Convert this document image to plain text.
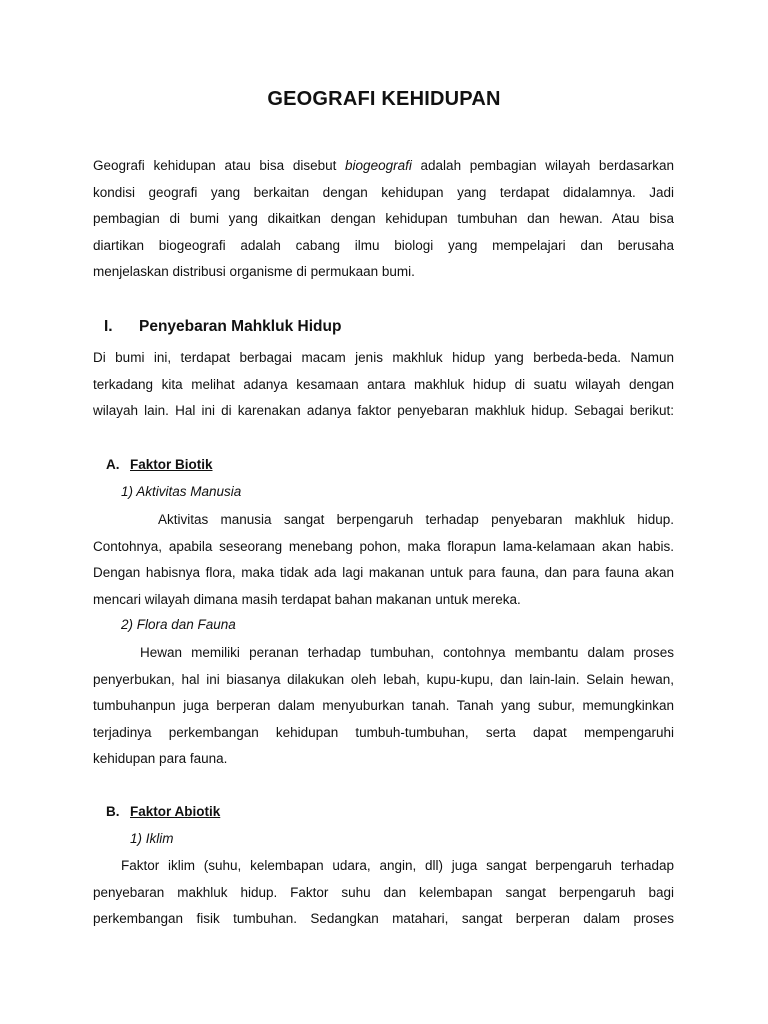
GEOGRAFI KEHIDUPAN
Geografi kehidupan atau bisa disebut biogeografi adalah pembagian wilayah berdasarkan
kondisi geografi yang berkaitan dengan kehidupan yang terdapat didalamnya. Jadi
pembagian di bumi yang dikaitkan dengan kehidupan tumbuhan dan hewan. Atau bisa
diartikan biogeografi adalah cabang ilmu biologi yang mempelajari dan berusaha
menjelaskan distribusi organisme di permukaan bumi.
I. Penyebaran Mahkluk Hidup
Di bumi ini, terdapat berbagai macam jenis makhluk hidup yang berbeda-beda. Namun
terkadang kita melihat adanya kesamaan antara makhluk hidup di suatu wilayah dengan
wilayah lain. Hal ini di karenakan adanya faktor penyebaran makhluk hidup. Sebagai berikut:
A. Faktor Biotik

1) Aktivitas Manusia

Aktivitas manusia sangat berpengaruh terhadap penyebaran makhluk hidup.
Contohnya, apabila seseorang menebang pohon, maka florapun lama-kelamaan akan habis.
Dengan habisnya flora, maka tidak ada lagi makanan untuk para fauna, dan para fauna akan
mencari wilayah dimana masih terdapat bahan makanan untuk mereka.

2) Flora dan Fauna

Hewan memiliki peranan terhadap tumbuhan, contohnya membantu dalam proses
penyerbukan, hal ini biasanya dilakukan oleh lebah, kupu-kupu, dan lain-lain. Selain hewan,
tumbuhanpun juga berperan dalam menyuburkan tanah. Tanah yang subur, memungkinkan
terjadinya perkembangan kehidupan tumbuh-tumbuhan, serta dapat mempengaruhi
kehidupan para fauna.
B. Faktor Abiotik

1) Iklim

Faktor iklim (suhu, kelembapan udara, angin, dll) juga sangat berpengaruh terhadap
penyebaran makhluk hidup. Faktor suhu dan kelembapan sangat berpengaruh bagi
perkembangan fisik tumbuhan. Sedangkan matahari, sangat berperan dalam proses
